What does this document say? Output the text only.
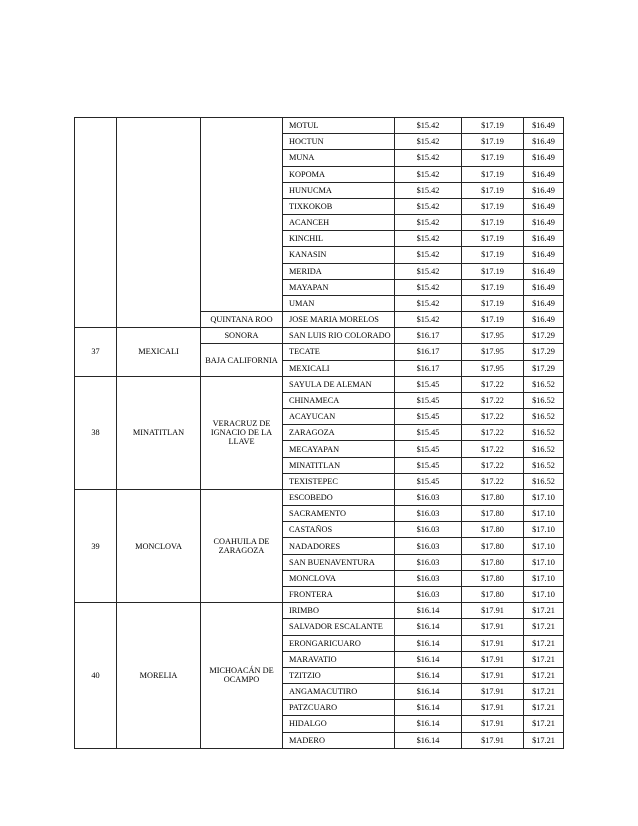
			MOTUL	$15.42	$17.19	$16.49
			HOCTUN	$15.42	$17.19	$16.49
			MUNA	$15.42	$17.19	$16.49
			KOPOMA	$15.42	$17.19	$16.49
			HUNUCMA	$15.42	$17.19	$16.49
			TIXKOKOB	$15.42	$17.19	$16.49
			ACANCEH	$15.42	$17.19	$16.49
			KINCHIL	$15.42	$17.19	$16.49
			KANASIN	$15.42	$17.19	$16.49
			MERIDA	$15.42	$17.19	$16.49
			MAYAPAN	$15.42	$17.19	$16.49
			UMAN	$15.42	$17.19	$16.49
		QUINTANA ROO	JOSE MARIA MORELOS	$15.42	$17.19	$16.49
37	MEXICALI	SONORA	SAN LUIS RIO COLORADO	$16.17	$17.95	$17.29
		BAJA CALIFORNIA	TECATE	$16.17	$17.95	$17.29
			MEXICALI	$16.17	$17.95	$17.29
38	MINATITLAN	VERACRUZ DE IGNACIO DE LA LLAVE	SAYULA DE ALEMAN	$15.45	$17.22	$16.52
			CHINAMECA	$15.45	$17.22	$16.52
			ACAYUCAN	$15.45	$17.22	$16.52
			ZARAGOZA	$15.45	$17.22	$16.52
			MECAYAPAN	$15.45	$17.22	$16.52
			MINATITLAN	$15.45	$17.22	$16.52
			TEXISTEPEC	$15.45	$17.22	$16.52
39	MONCLOVA	COAHUILA DE ZARAGOZA	ESCOBEDO	$16.03	$17.80	$17.10
			SACRAMENTO	$16.03	$17.80	$17.10
			CASTAÑOS	$16.03	$17.80	$17.10
			NADADORES	$16.03	$17.80	$17.10
			SAN BUENAVENTURA	$16.03	$17.80	$17.10
			MONCLOVA	$16.03	$17.80	$17.10
			FRONTERA	$16.03	$17.80	$17.10
40	MORELIA	MICHOACÁN DE OCAMPO	IRIMBO	$16.14	$17.91	$17.21
			SALVADOR ESCALANTE	$16.14	$17.91	$17.21
			ERONGARICUARO	$16.14	$17.91	$17.21
			MARAVATIO	$16.14	$17.91	$17.21
			TZITZIO	$16.14	$17.91	$17.21
			ANGAMACUTIRO	$16.14	$17.91	$17.21
			PATZCUARO	$16.14	$17.91	$17.21
			HIDALGO	$16.14	$17.91	$17.21
			MADERO	$16.14	$17.91	$17.21
